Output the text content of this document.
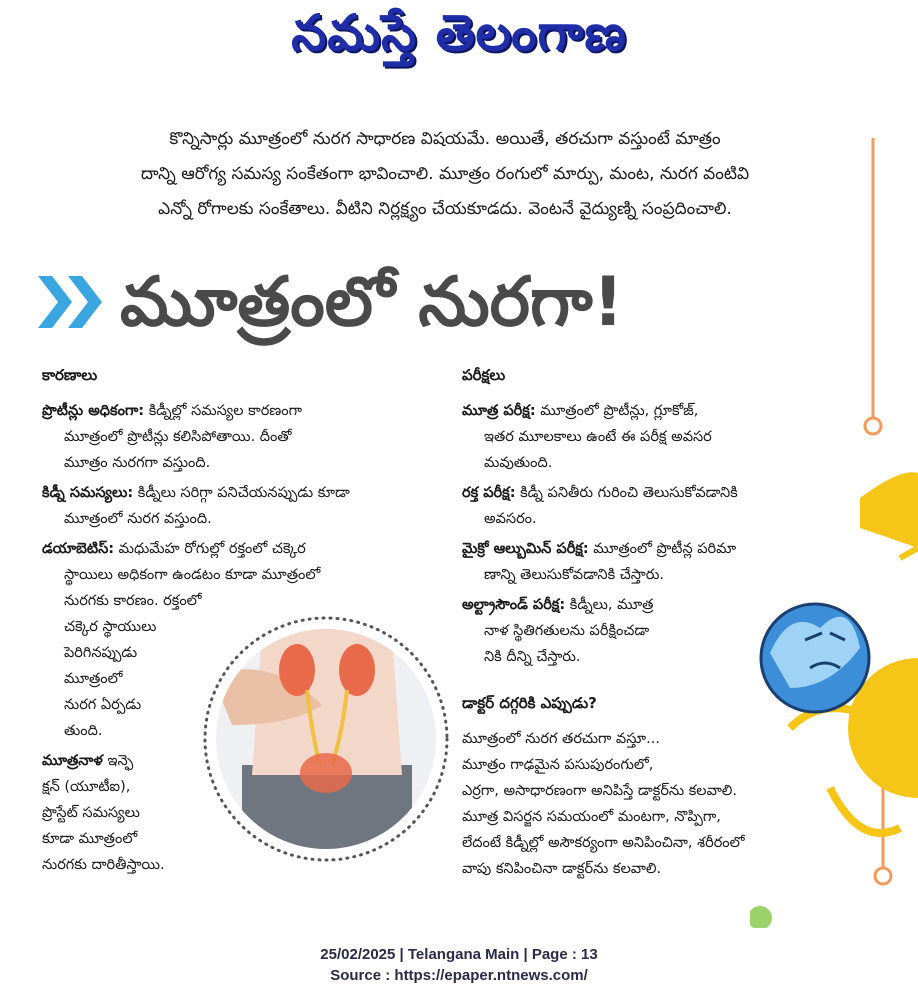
నమస్తే తెలంగాణ
కొన్నిసార్లు మూత్రంలో నురగ సాధారణ విషయమే. అయితే, తరచుగా వస్తుంటే మాత్రం
దాన్ని ఆరోగ్య సమస్య సంకేతంగా భావించాలి. మూత్రం రంగులో మార్పు, మంట, నురగ వంటివి
ఎన్నో రోగాలకు సంకేతాలు. వీటిని నిర్లక్ష్యం చేయకూడదు. వెంటనే వైద్యుణ్ని సంప్రదించాలి.
మూత్రంలో నురగా!
కారణాలు
ప్రొటీన్లు అధికంగా: కిడ్నీల్లో సమస్యల కారణంగా
మూత్రంలో ప్రొటీన్లు కలిసిపోతాయి. దీంతో
మూత్రం నురగగా వస్తుంది.
కిడ్నీ సమస్యలు: కిడ్నీలు సరిగ్గా పనిచేయనప్పుడు కూడా
మూత్రంలో నురగ వస్తుంది.
డయాబెటిస్: మధుమేహ రోగుల్లో రక్తంలో చక్కెర
స్థాయిలు అధికంగా ఉండటం కూడా మూత్రంలో
నురగకు కారణం. రక్తంలో
చక్కెర స్థాయులు
పెరిగినప్పుడు
మూత్రంలో
నురగ ఏర్పడు
తుంది.
మూత్రనాళ ఇన్ఫె
క్షన్ (యూటీఐ),
ప్రొస్టేట్ సమస్యలు
కూడా మూత్రంలో
నురగకు దారితీస్తాయి.
పరీక్షలు
మూత్ర పరీక్ష: మూత్రంలో ప్రొటీన్లు, గ్లూకోజ్,
ఇతర మూలకాలు ఉంటే ఈ పరీక్ష అవసర
మవుతుంది.
రక్త పరీక్ష: కిడ్నీ పనితీరు గురించి తెలుసుకోవడానికి
అవసరం.
మైక్రో ఆల్బుమిన్ పరీక్ష: మూత్రంలో ప్రొటీన్ల పరిమా
ణాన్ని తెలుసుకోవడానికి చేస్తారు.
అల్ట్రాసౌండ్ పరీక్ష: కిడ్నీలు, మూత్ర
నాళ స్థితిగతులను పరీక్షించడా
నికి దీన్ని చేస్తారు.
డాక్టర్ దగ్గరికి ఎప్పుడు?
మూత్రంలో నురగ తరచుగా వస్తూ...
మూత్రం గాఢమైన పసుపురంగులో,
ఎర్రగా, అసాధారణంగా అనిపిస్తే డాక్టర్‌ను కలవాలి.
మూత్ర విసర్జన సమయంలో మంటగా, నొప్పిగా,
లేదంటే కిడ్నీల్లో అసౌకర్యంగా అనిపించినా, శరీరంలో
వాపు కనిపించినా డాక్టర్‌ను కలవాలి.
25/02/2025 | Telangana Main | Page : 13
Source : https://epaper.ntnews.com/
